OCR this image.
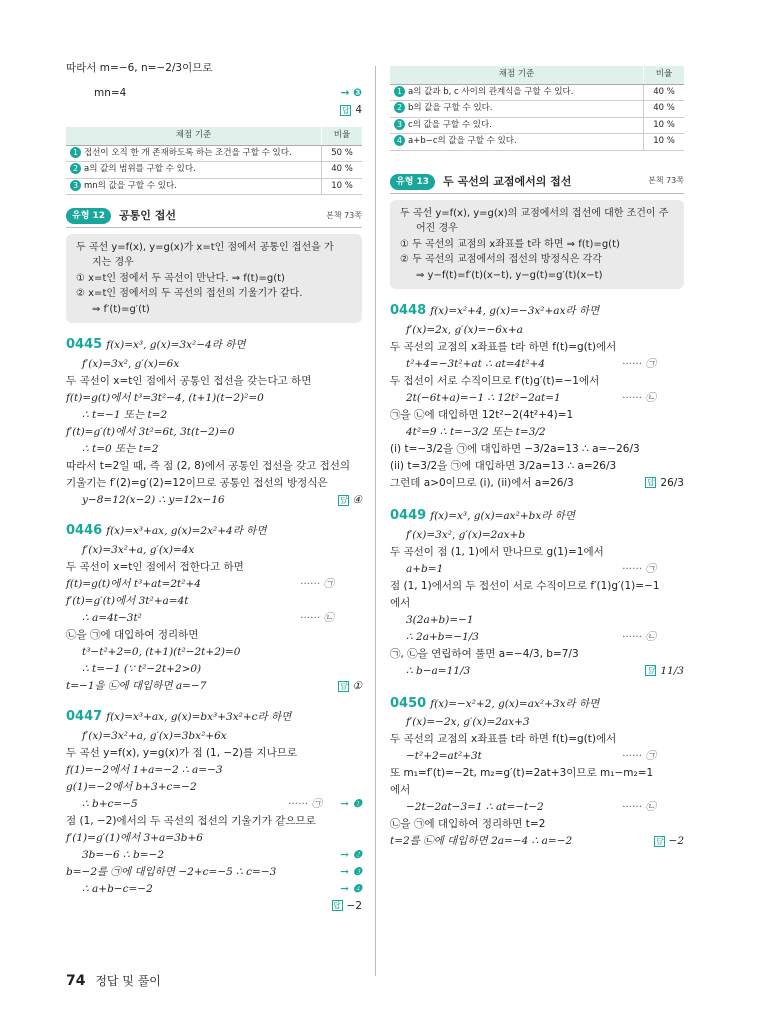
따라서 m=−6, n=−2/3이므로
mn=4	→ ❸
답 4
채점 기준	비율
1 접선이 오직 한 개 존재하도록 하는 조건을 구할 수 있다.	50 %
2 a의 값의 범위를 구할 수 있다.	40 %
3 mn의 값을 구할 수 있다.	10 %
유형 12	공통인 접선	본책 73쪽
두 곡선 y=f(x), y=g(x)가 x=t인 점에서 공통인 접선을 가
지는 경우
① x=t인 점에서 두 곡선이 만난다. ⇒ f(t)=g(t)
② x=t인 점에서의 두 곡선의 접선의 기울기가 같다.
⇒ f′(t)=g′(t)
0445 f(x)=x³, g(x)=3x²−4라 하면
f′(x)=3x², g′(x)=6x
두 곡선이 x=t인 점에서 공통인 접선을 갖는다고 하면
f(t)=g(t)에서 t³=3t²−4, (t+1)(t−2)²=0
∴ t=−1 또는 t=2
f′(t)=g′(t)에서 3t²=6t, 3t(t−2)=0
∴ t=0 또는 t=2
따라서 t=2일 때, 즉 점 (2, 8)에서 공통인 접선을 갖고 접선의
기울기는 f′(2)=g′(2)=12이므로 공통인 접선의 방정식은
y−8=12(x−2) ∴ y=12x−16	답 ④
0446 f(x)=x³+ax, g(x)=2x²+4라 하면
f′(x)=3x²+a, g′(x)=4x
두 곡선이 x=t인 점에서 접한다고 하면
f(t)=g(t)에서 t³+at=2t²+4	······ ㉠
f′(t)=g′(t)에서 3t²+a=4t
∴ a=4t−3t²	······ ㉡
㉡을 ㉠에 대입하여 정리하면
t³−t²+2=0, (t+1)(t²−2t+2)=0
∴ t=−1 (∵ t²−2t+2>0)
t=−1을 ㉡에 대입하면 a=−7	답 ①
0447 f(x)=x³+ax, g(x)=bx³+3x²+c라 하면
f′(x)=3x²+a, g′(x)=3bx²+6x
두 곡선 y=f(x), y=g(x)가 점 (1, −2)를 지나므로
f(1)=−2에서 1+a=−2 ∴ a=−3
g(1)=−2에서 b+3+c=−2
∴ b+c=−5	······ ㉠ → ❶
점 (1, −2)에서의 두 곡선의 접선의 기울기가 같으므로
f′(1)=g′(1)에서 3+a=3b+6
3b=−6 ∴ b=−2	→ ❷
b=−2를 ㉠에 대입하면 −2+c=−5 ∴ c=−3	→ ❸
∴ a+b−c=−2	→ ❹
답 −2
채점 기준	비율
1 a의 값과 b, c 사이의 관계식을 구할 수 있다.	40 %
2 b의 값을 구할 수 있다.	40 %
3 c의 값을 구할 수 있다.	10 %
4 a+b−c의 값을 구할 수 있다.	10 %
유형 13	두 곡선의 교점에서의 접선	본책 73쪽
두 곡선 y=f(x), y=g(x)의 교점에서의 접선에 대한 조건이 주
어진 경우
① 두 곡선의 교점의 x좌표를 t라 하면 ⇒ f(t)=g(t)
② 두 곡선의 교점에서의 접선의 방정식은 각각
⇒ y−f(t)=f′(t)(x−t), y−g(t)=g′(t)(x−t)
0448 f(x)=x²+4, g(x)=−3x²+ax라 하면
f′(x)=2x, g′(x)=−6x+a
두 곡선의 교점의 x좌표를 t라 하면 f(t)=g(t)에서
t²+4=−3t²+at ∴ at=4t²+4	······ ㉠
두 접선이 서로 수직이므로 f′(t)g′(t)=−1에서
2t(−6t+a)=−1 ∴ 12t²−2at=1	······ ㉡
㉠을 ㉡에 대입하면 12t²−2(4t²+4)=1
4t²=9 ∴ t=−3/2 또는 t=3/2
(i) t=−3/2을 ㉠에 대입하면 −3/2a=13 ∴ a=−26/3
(ii) t=3/2을 ㉠에 대입하면 3/2a=13 ∴ a=26/3
그런데 a>0이므로 (i), (ii)에서 a=26/3	답 26/3
0449 f(x)=x³, g(x)=ax²+bx라 하면
f′(x)=3x², g′(x)=2ax+b
두 곡선이 점 (1, 1)에서 만나므로 g(1)=1에서
a+b=1	······ ㉠
점 (1, 1)에서의 두 접선이 서로 수직이므로 f′(1)g′(1)=−1
에서
3(2a+b)=−1
∴ 2a+b=−1/3	······ ㉡
㉠, ㉡을 연립하여 풀면 a=−4/3, b=7/3
∴ b−a=11/3	답 11/3
0450 f(x)=−x²+2, g(x)=ax²+3x라 하면
f′(x)=−2x, g′(x)=2ax+3
두 곡선의 교점의 x좌표를 t라 하면 f(t)=g(t)에서
−t²+2=at²+3t	······ ㉠
또 m₁=f′(t)=−2t, m₂=g′(t)=2at+3이므로 m₁−m₂=1
에서
−2t−2at−3=1 ∴ at=−t−2	······ ㉡
㉡을 ㉠에 대입하여 정리하면 t=2
t=2를 ㉡에 대입하면 2a=−4 ∴ a=−2	답 −2
74 정답 및 풀이
